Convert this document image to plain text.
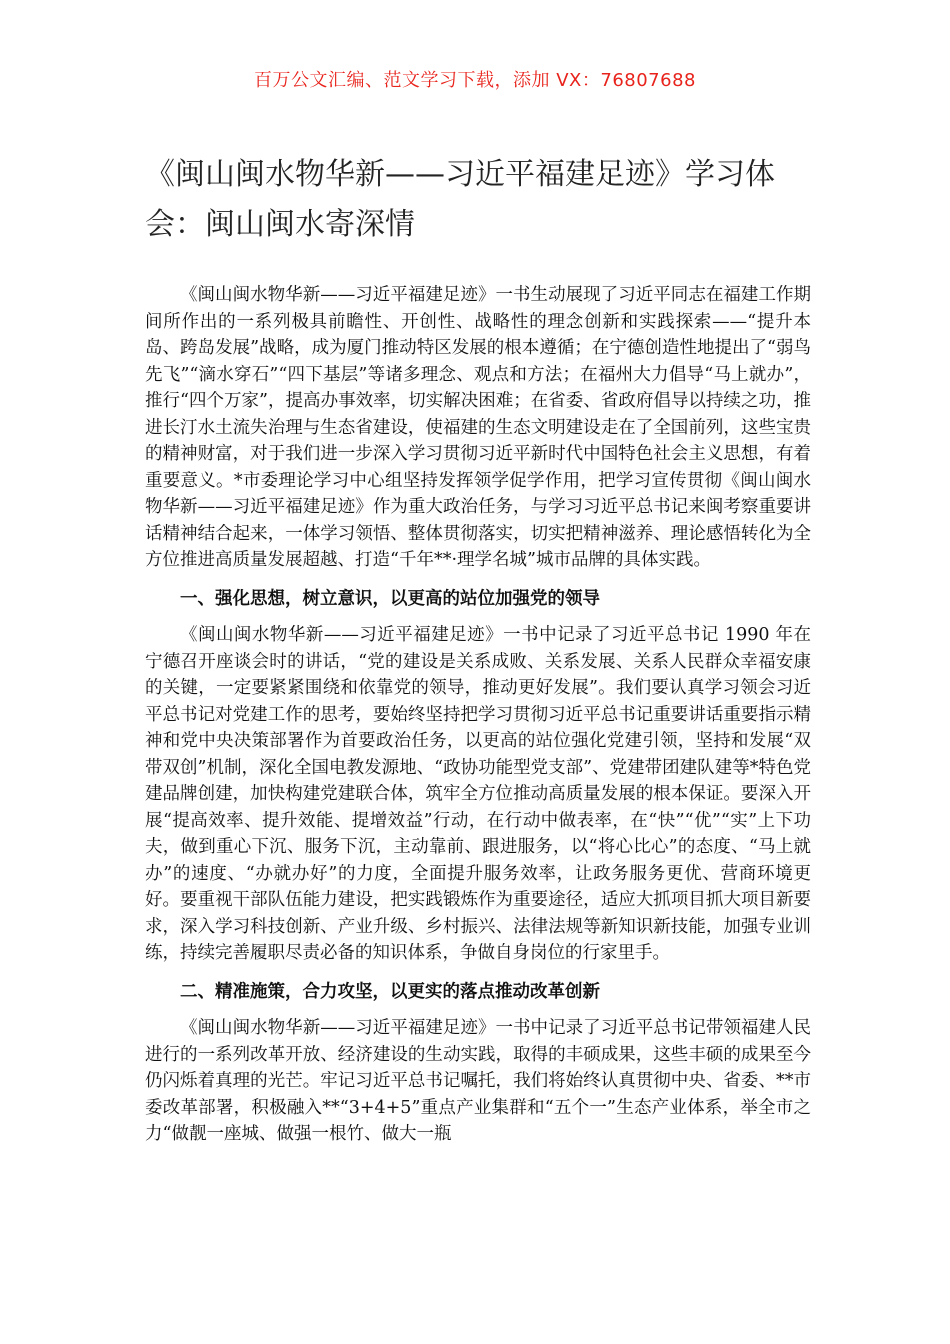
百万公文汇编、范文学习下载，添加 VX：76807688
《闽山闽水物华新——习近平福建足迹》学习体会：闽山闽水寄深情

《闽山闽水物华新——习近平福建足迹》一书生动展现了习近平同志在福建工作期间所作出的一系列极具前瞻性、开创性、战略性的理念创新和实践探索——“提升本岛、跨岛发展”战略，成为厦门推动特区发展的根本遵循；在宁德创造性地提出了“弱鸟先飞”“滴水穿石”“四下基层”等诸多理念、观点和方法；在福州大力倡导“马上就办”，推行“四个万家”，提高办事效率，切实解决困难；在省委、省政府倡导以持续之功，推进长汀水土流失治理与生态省建设，使福建的生态文明建设走在了全国前列，这些宝贵的精神财富，对于我们进一步深入学习贯彻习近平新时代中国特色社会主义思想，有着重要意义。*市委理论学习中心组坚持发挥领学促学作用，把学习宣传贯彻《闽山闽水物华新——习近平福建足迹》作为重大政治任务，与学习习近平总书记来闽考察重要讲话精神结合起来，一体学习领悟、整体贯彻落实，切实把精神滋养、理论感悟转化为全方位推进高质量发展超越、打造“千年**·理学名城”城市品牌的具体实践。

一、强化思想，树立意识，以更高的站位加强党的领导

《闽山闽水物华新——习近平福建足迹》一书中记录了习近平总书记 1990 年在宁德召开座谈会时的讲话，“党的建设是关系成败、关系发展、关系人民群众幸福安康的关键，一定要紧紧围绕和依靠党的领导，推动更好发展”。我们要认真学习领会习近平总书记对党建工作的思考，要始终坚持把学习贯彻习近平总书记重要讲话重要指示精神和党中央决策部署作为首要政治任务，以更高的站位强化党建引领，坚持和发展“双带双创”机制，深化全国电教发源地、“政协功能型党支部”、党建带团建队建等*特色党建品牌创建，加快构建党建联合体，筑牢全方位推动高质量发展的根本保证。要深入开展“提高效率、提升效能、提增效益”行动，在行动中做表率，在“快”“优”“实”上下功夫，做到重心下沉、服务下沉，主动靠前、跟进服务，以“将心比心”的态度、“马上就办”的速度、“办就办好”的力度，全面提升服务效率，让政务服务更优、营商环境更好。要重视干部队伍能力建设，把实践锻炼作为重要途径，适应大抓项目抓大项目新要求，深入学习科技创新、产业升级、乡村振兴、法律法规等新知识新技能，加强专业训练，持续完善履职尽责必备的知识体系，争做自身岗位的行家里手。

二、精准施策，合力攻坚，以更实的落点推动改革创新

《闽山闽水物华新——习近平福建足迹》一书中记录了习近平总书记带领福建人民进行的一系列改革开放、经济建设的生动实践，取得的丰硕成果，这些丰硕的成果至今仍闪烁着真理的光芒。牢记习近平总书记嘱托，我们将始终认真贯彻中央、省委、**市委改革部署，积极融入**“3+4+5”重点产业集群和“五个一”生态产业体系，举全市之力“做靓一座城、做强一根竹、做大一瓶
